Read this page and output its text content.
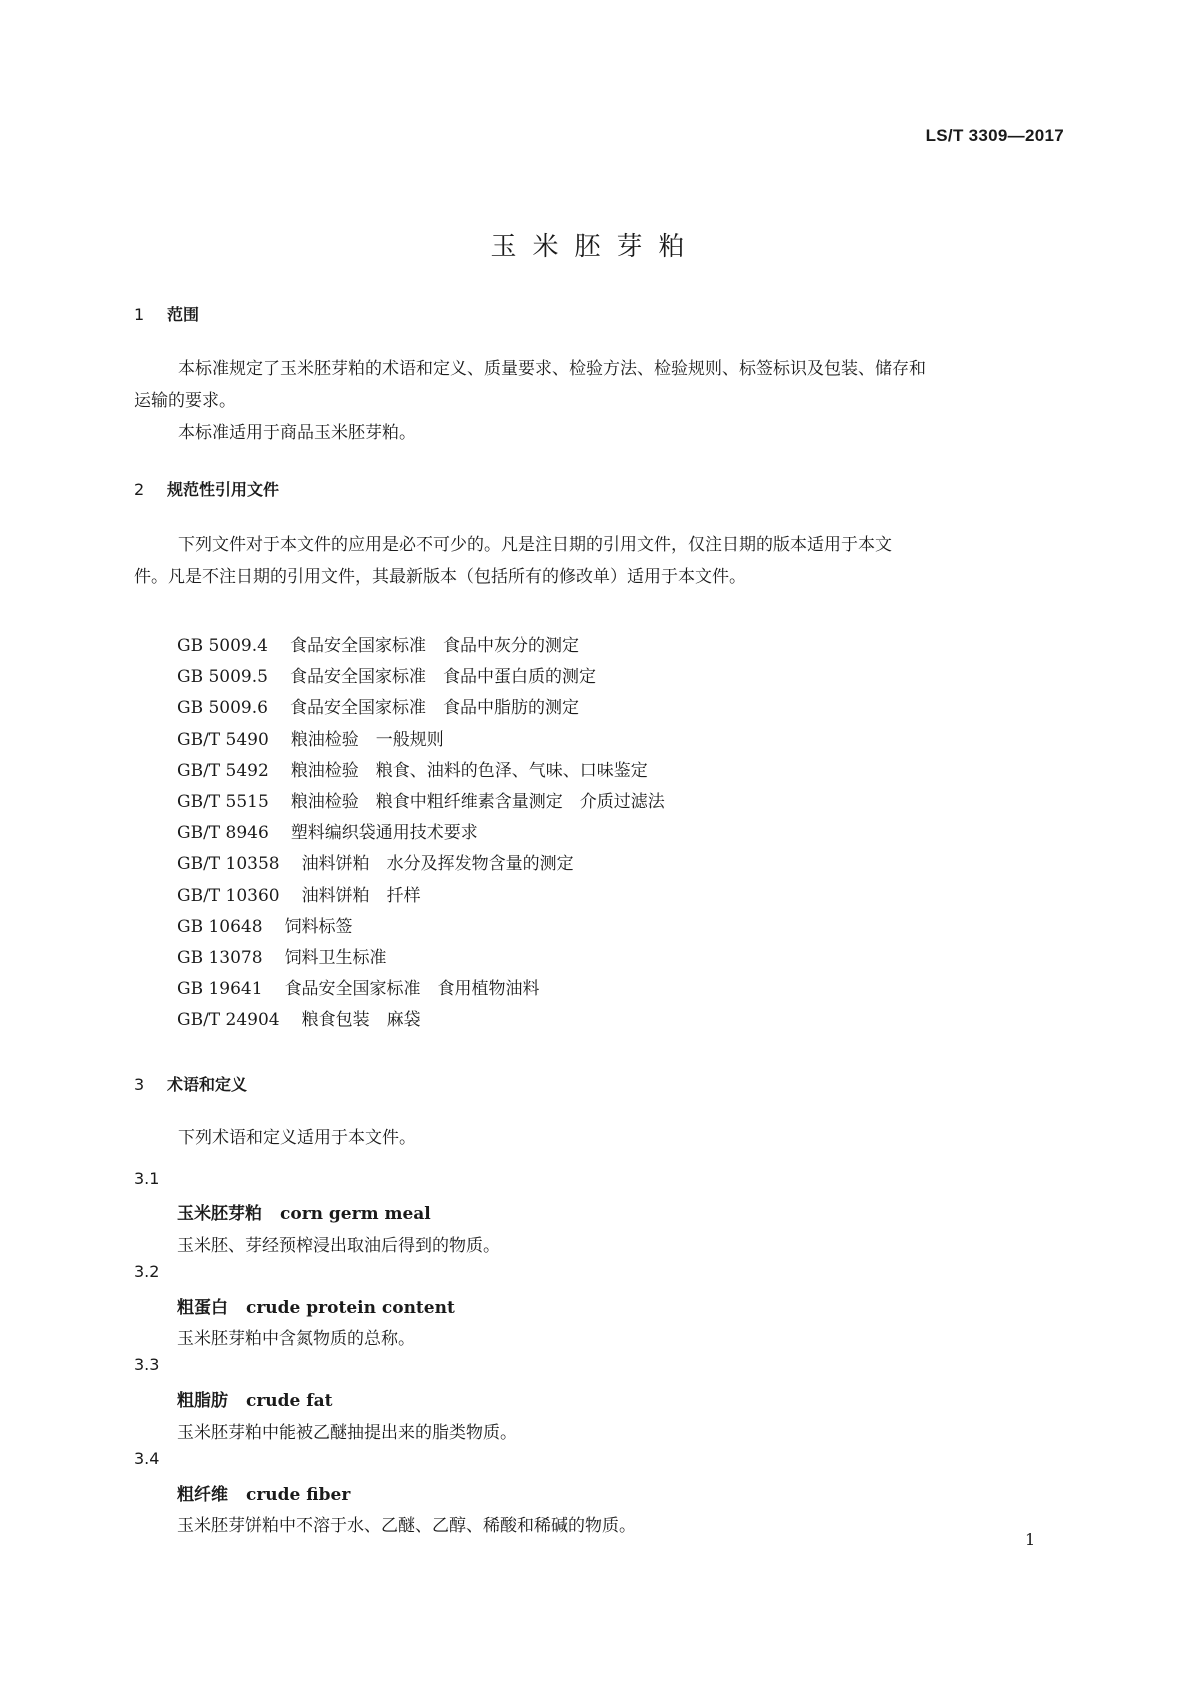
LS/T 3309—2017
玉米胚芽粕
1 范围
本标准规定了玉米胚芽粕的术语和定义、质量要求、检验方法、检验规则、标签标识及包装、储存和
运输的要求。
本标准适用于商品玉米胚芽粕。
2 规范性引用文件
下列文件对于本文件的应用是必不可少的。凡是注日期的引用文件，仅注日期的版本适用于本文
件。凡是不注日期的引用文件，其最新版本（包括所有的修改单）适用于本文件。
GB 5009.4 食品安全国家标准　食品中灰分的测定
GB 5009.5 食品安全国家标准　食品中蛋白质的测定
GB 5009.6 食品安全国家标准　食品中脂肪的测定
GB/T 5490 粮油检验　一般规则
GB/T 5492 粮油检验　粮食、油料的色泽、气味、口味鉴定
GB/T 5515 粮油检验　粮食中粗纤维素含量测定　介质过滤法
GB/T 8946 塑料编织袋通用技术要求
GB/T 10358 油料饼粕　水分及挥发物含量的测定
GB/T 10360 油料饼粕　扦样
GB 10648 饲料标签
GB 13078 饲料卫生标准
GB 19641 食品安全国家标准　食用植物油料
GB/T 24904 粮食包装　麻袋
3 术语和定义
下列术语和定义适用于本文件。
3.1
玉米胚芽粕 corn germ meal
玉米胚、芽经预榨浸出取油后得到的物质。
3.2
粗蛋白 crude protein content
玉米胚芽粕中含氮物质的总称。
3.3
粗脂肪 crude fat
玉米胚芽粕中能被乙醚抽提出来的脂类物质。
3.4
粗纤维 crude fiber
玉米胚芽饼粕中不溶于水、乙醚、乙醇、稀酸和稀碱的物质。
1
